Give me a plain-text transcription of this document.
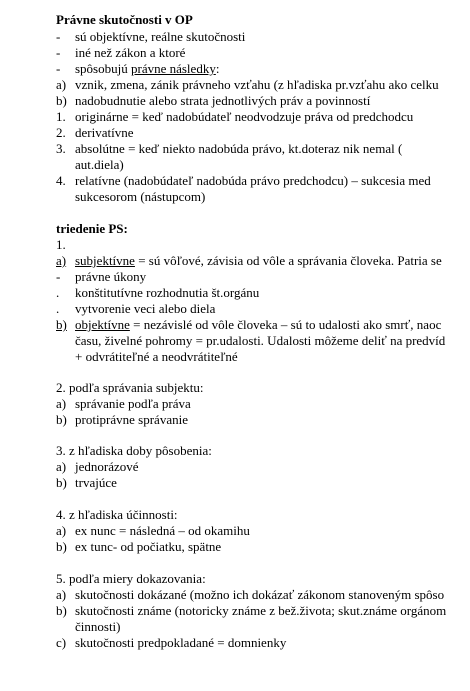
Právne skutočnosti v OP
- sú objektívne, reálne skutočnosti
- iné než zákon a ktoré
- spôsobujú právne následky:
a) vznik, zmena, zánik právneho vzťahu (z hľadiska pr.vzťahu ako celku
b) nadobudnutie alebo strata jednotlivých práv a povinností
1. originárne = keď nadobúdateľ neodvodzuje práva od predchodcu
2. derivatívne
3. absolútne = keď niekto nadobúda právo, kt.doteraz nik nemal (
aut.diela)
4. relatívne (nadobúdateľ nadobúda právo predchodcu) – sukcesia med
sukcesorom (nástupcom)
triedenie PS:
1.
a) subjektívne = sú vôľové, závisia od vôle a správania človeka. Patria se
- právne úkony
. konštitutívne rozhodnutia št.orgánu
. vytvorenie veci alebo diela
b) objektívne = nezávislé od vôle človeka – sú to udalosti ako smrť, naoc
času, živelné pohromy = pr.udalosti. Udalosti môžeme deliť na predvíd
+ odvrátiteľné a neodvrátiteľné
2. podľa správania subjektu:
a) správanie podľa práva
b) protiprávne správanie
3. z hľadiska doby pôsobenia:
a) jednorázové
b) trvajúce
4. z hľadiska účinnosti:
a) ex nunc = následná – od okamihu
b) ex tunc- od počiatku, spätne
5. podľa miery dokazovania:
a) skutočnosti dokázané (možno ich dokázať zákonom stanoveným spôso
b) skutočnosti známe (notoricky známe z bež.života; skut.známe orgánom
činnosti)
c) skutočnosti predpokladané = domnienky
